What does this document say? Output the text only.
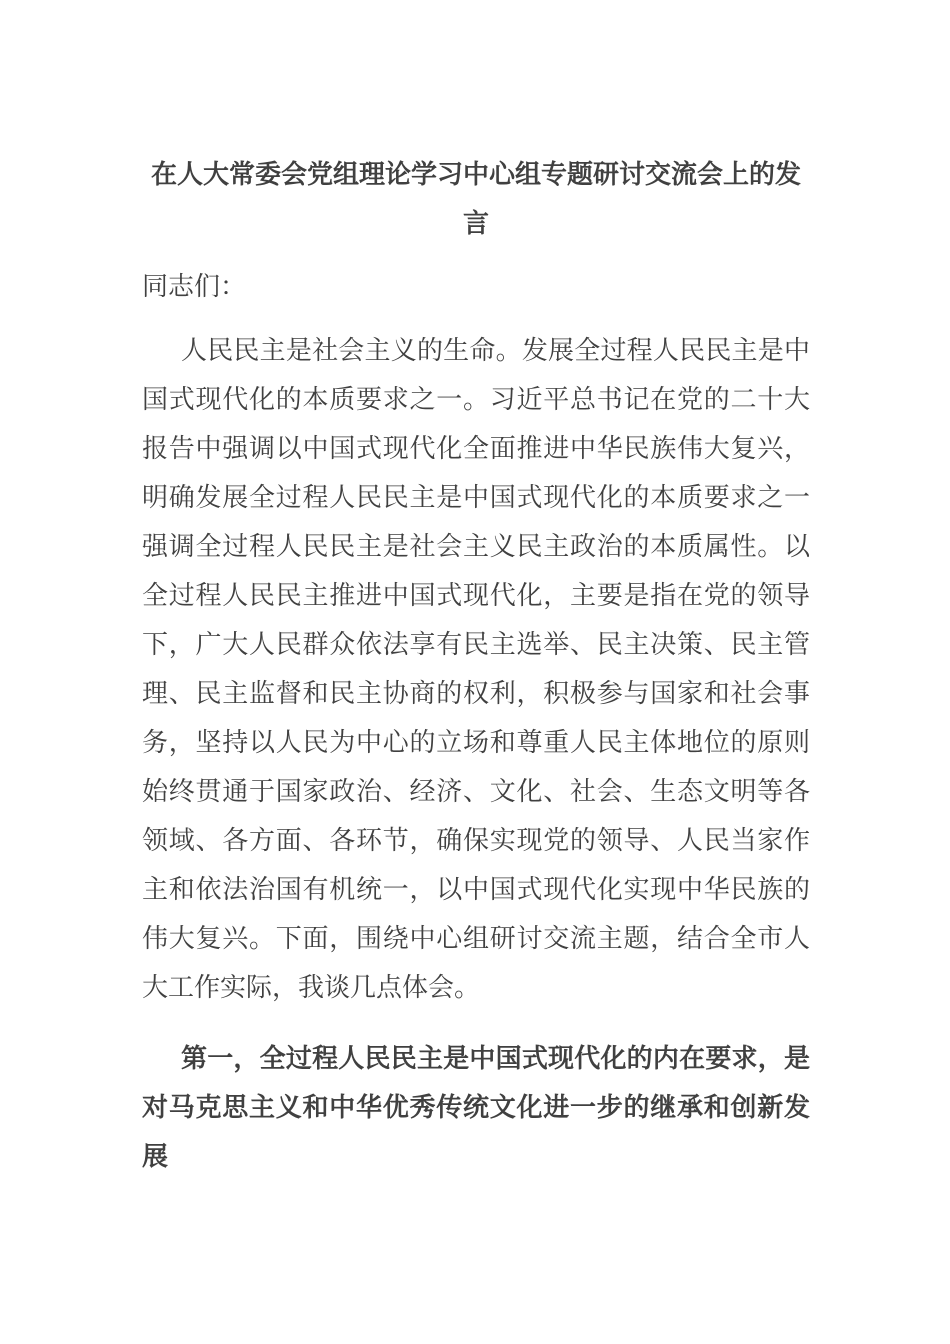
在人大常委会党组理论学习中心组专题研讨交流会上的发言

同志们：

人民民主是社会主义的生命。发展全过程人民民主是中国式现代化的本质要求之一。习近平总书记在党的二十大报告中强调以中国式现代化全面推进中华民族伟大复兴，明确发展全过程人民民主是中国式现代化的本质要求之一强调全过程人民民主是社会主义民主政治的本质属性。以全过程人民民主推进中国式现代化，主要是指在党的领导下，广大人民群众依法享有民主选举、民主决策、民主管理、民主监督和民主协商的权利，积极参与国家和社会事务，坚持以人民为中心的立场和尊重人民主体地位的原则始终贯通于国家政治、经济、文化、社会、生态文明等各领域、各方面、各环节，确保实现党的领导、人民当家作主和依法治国有机统一，以中国式现代化实现中华民族的伟大复兴。下面，围绕中心组研讨交流主题，结合全市人大工作实际，我谈几点体会。

第一，全过程人民民主是中国式现代化的内在要求，是对马克思主义和中华优秀传统文化进一步的继承和创新发展
